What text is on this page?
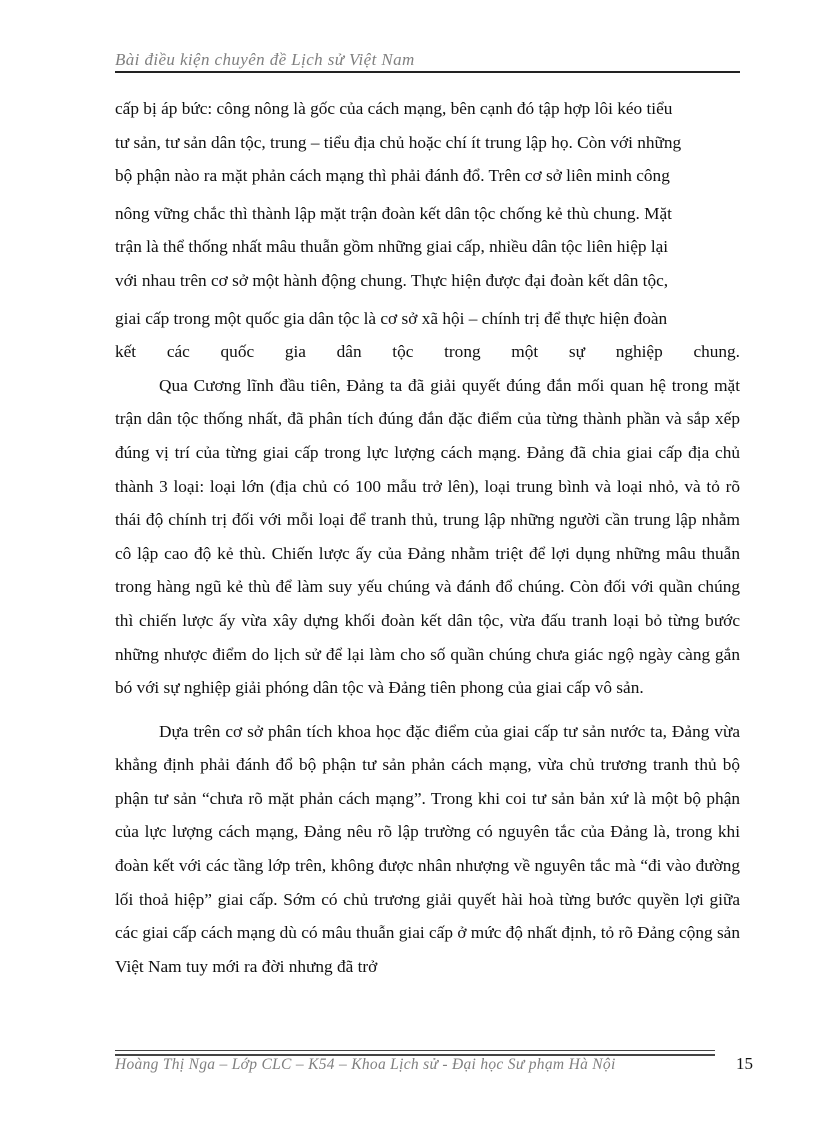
Bài điều kiện chuyên đề Lịch sử Việt Nam

cấp bị áp bức: công nông là gốc của cách mạng, bên cạnh đó tập hợp lôi kéo tiểu
tư sản, tư sản dân tộc, trung – tiểu địa chủ hoặc chí ít trung lập họ. Còn với những
bộ phận nào ra mặt phản cách mạng thì phải đánh đổ. Trên cơ sở liên minh công
nông vững chắc thì thành lập mặt trận đoàn kết dân tộc chống kẻ thù chung. Mặt
trận là thể thống nhất mâu thuẫn gồm những giai cấp, nhiều dân tộc liên hiệp lại
với nhau trên cơ sở một hành động chung. Thực hiện được đại đoàn kết dân tộc,
giai cấp trong một quốc gia dân tộc là cơ sở xã hội – chính trị để thực hiện đoàn
kết các quốc gia dân tộc trong một sự nghiệp chung.

Qua Cương lĩnh đầu tiên, Đảng ta đã giải quyết đúng đắn mối quan hệ trong mặt trận dân tộc thống nhất, đã phân tích đúng đắn đặc điểm của từng thành phần và sắp xếp đúng vị trí của từng giai cấp trong lực lượng cách mạng. Đảng đã chia giai cấp địa chủ thành 3 loại: loại lớn (địa chủ có 100 mẫu trở lên), loại trung bình và loại nhỏ, và tỏ rõ thái độ chính trị đối với mỗi loại để tranh thủ, trung lập những người cần trung lập nhằm cô lập cao độ kẻ thù. Chiến lược ấy của Đảng nhằm triệt để lợi dụng những mâu thuẫn trong hàng ngũ kẻ thù để làm suy yếu chúng và đánh đổ chúng. Còn đối với quần chúng thì chiến lược ấy vừa xây dựng khối đoàn kết dân tộc, vừa đấu tranh loại bỏ từng bước những nhược điểm do lịch sử để lại làm cho số quần chúng chưa giác ngộ ngày càng gắn bó với sự nghiệp giải phóng dân tộc và Đảng tiên phong của giai cấp vô sản.

Dựa trên cơ sở phân tích khoa học đặc điểm của giai cấp tư sản nước ta, Đảng vừa khẳng định phải đánh đổ bộ phận tư sản phản cách mạng, vừa chủ trương tranh thủ bộ phận tư sản “chưa rõ mặt phản cách mạng”. Trong khi coi tư sản bản xứ là một bộ phận của lực lượng cách mạng, Đảng nêu rõ lập trường có nguyên tắc của Đảng là, trong khi đoàn kết với các tầng lớp trên, không được nhân nhượng về nguyên tắc mà “đi vào đường lối thoả hiệp” giai cấp. Sớm có chủ trương giải quyết hài hoà từng bước quyền lợi giữa các giai cấp cách mạng dù có mâu thuẫn giai cấp ở mức độ nhất định, tỏ rõ Đảng cộng sản Việt Nam tuy mới ra đời nhưng đã trở

Hoàng Thị Nga – Lớp CLC – K54 – Khoa Lịch sử - Đại học Sư phạm Hà Nội	15
